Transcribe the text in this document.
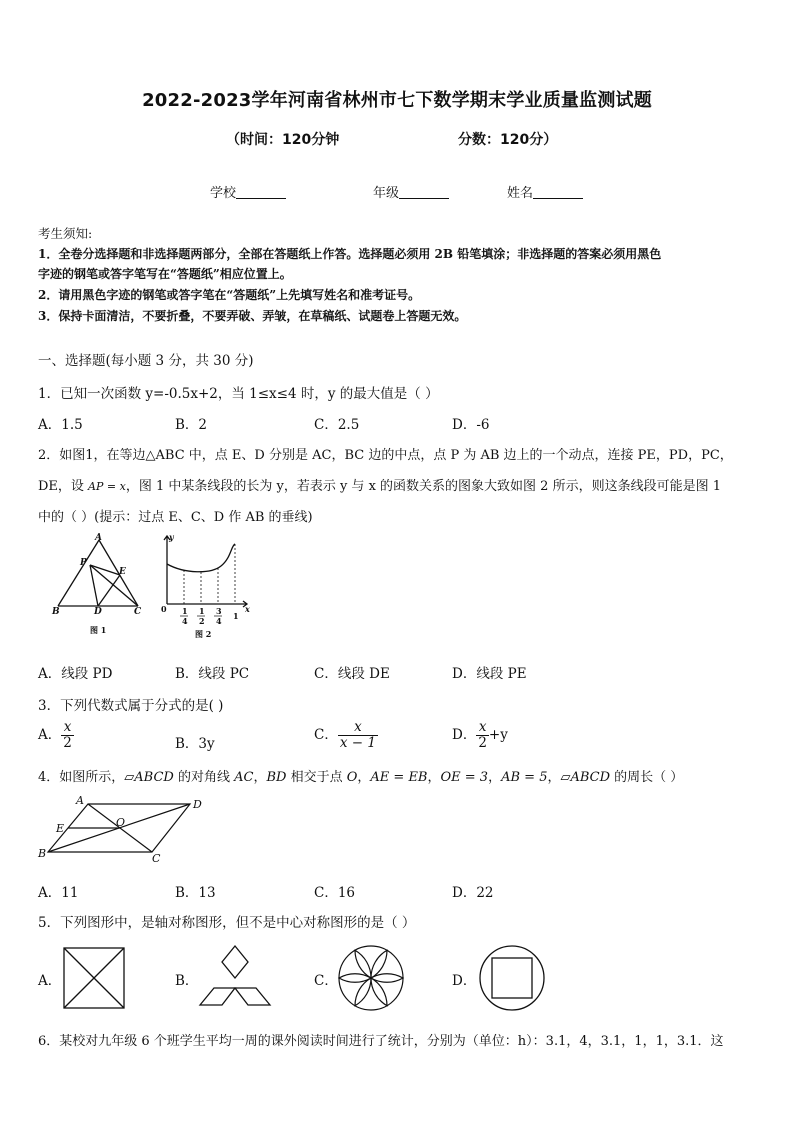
2022-2023学年河南省林州市七下数学期末学业质量监测试题
（时间：120分钟	分数：120分）
学校	年级	姓名
考生须知:
1．全卷分选择题和非选择题两部分，全部在答题纸上作答。选择题必须用 2B 铅笔填涂；非选择题的答案必须用黑色
字迹的钢笔或答字笔写在“答题纸”相应位置上。
2．请用黑色字迹的钢笔或答字笔在“答题纸”上先填写姓名和准考证号。
3．保持卡面清洁，不要折叠，不要弄破、弄皱，在草稿纸、试题卷上答题无效。
一、选择题(每小题 3 分，共 30 分)
1．已知一次函数 y=-0.5x+2，当 1≤x≤4 时，y 的最大值是（ ）
A．1.5	B．2	C．2.5	D．-6
2．如图1，在等边△ABC 中，点 E、D 分别是 AC，BC 边的中点，点 P 为 AB 边上的一个动点，连接 PE，PD，PC，
DE，设 AP = x，图 1 中某条线段的长为 y，若表示 y 与 x 的函数关系的图象大致如图 2 所示，则这条线段可能是图 1
中的（ ）(提示：过点 E、C、D 作 AB 的垂线)
A
P
E
B	D	C
图 1
y
0	x
1
4
1
2
3
4 1
图 2
A．线段 PD	B．线段 PC	C．线段 DE	D．线段 PE
3．下列代数式属于分式的是( )
A． $\frac{x}{2}$	B．3y
C． $\frac{x}{x - 1}$	D． $\frac{x}{2} +y$
4．如图所示，▱ABCD 的对角线 AC，BD 相交于点 O，AE = EB，OE = 3，AB = 5，▱ABCD 的周长（ ）
A	D
E	O
B	C
A．11	B．13	C．16	D．22
5．下列图形中，是轴对称图形，但不是中心对称图形的是（ ）
A．	B．	C．	D．
6．某校对九年级 6 个班学生平均一周的课外阅读时间进行了统计，分别为（单位：h）：3.1，4，3.1，1，1，3.1．这
